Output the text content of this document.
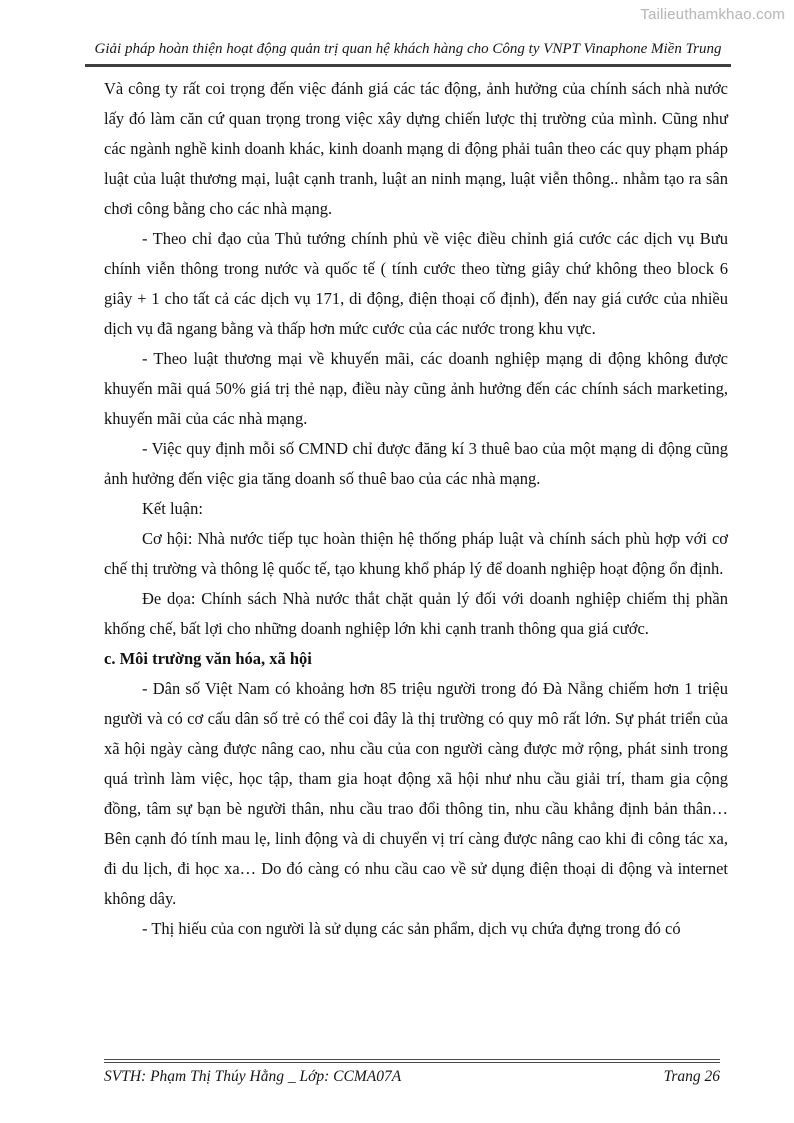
Tailieuthamkhao.com
Giải pháp hoàn thiện hoạt động quản trị quan hệ khách hàng cho Công ty VNPT Vinaphone Miền Trung

Và công ty rất coi trọng đến việc đánh giá các tác động, ảnh hưởng của chính sách nhà nước lấy đó làm căn cứ quan trọng trong việc xây dựng chiến lược thị trường của mình. Cũng như các ngành nghề kinh doanh khác, kinh doanh mạng di động phải tuân theo các quy phạm pháp luật của luật thương mại, luật cạnh tranh, luật an ninh mạng, luật viễn thông.. nhằm tạo ra sân chơi công bằng cho các nhà mạng.

- Theo chỉ đạo của Thủ tướng chính phủ về việc điều chỉnh giá cước các dịch vụ Bưu chính viễn thông trong nước và quốc tế ( tính cước theo từng giây chứ không theo block 6 giây + 1 cho tất cả các dịch vụ 171, di động, điện thoại cố định), đến nay giá cước của nhiều dịch vụ đã ngang bằng và thấp hơn mức cước của các nước trong khu vực.

- Theo luật thương mại về khuyến mãi, các doanh nghiệp mạng di động không được khuyến mãi quá 50% giá trị thẻ nạp, điều này cũng ảnh hưởng đến các chính sách marketing, khuyến mãi của các nhà mạng.

- Việc quy định mỗi số CMND chỉ được đăng kí 3 thuê bao của một mạng di động cũng ảnh hưởng đến việc gia tăng doanh số thuê bao của các nhà mạng.

Kết luận:

Cơ hội: Nhà nước tiếp tục hoàn thiện hệ thống pháp luật và chính sách phù hợp với cơ chế thị trường và thông lệ quốc tế, tạo khung khổ pháp lý để doanh nghiệp hoạt động ổn định.

Đe dọa: Chính sách Nhà nước thắt chặt quản lý đối với doanh nghiệp chiếm thị phần khống chế, bất lợi cho những doanh nghiệp lớn khi cạnh tranh thông qua giá cước.

c. Môi trường văn hóa, xã hội

- Dân số Việt Nam có khoảng hơn 85 triệu người trong đó Đà Nẵng chiếm hơn 1 triệu người và có cơ cấu dân số trẻ có thể coi đây là thị trường có quy mô rất lớn. Sự phát triển của xã hội ngày càng được nâng cao, nhu cầu của con người càng được mở rộng, phát sinh trong quá trình làm việc, học tập, tham gia hoạt động xã hội như nhu cầu giải trí, tham gia cộng đồng, tâm sự bạn bè người thân, nhu cầu trao đổi thông tin, nhu cầu khẳng định bản thân… Bên cạnh đó tính mau lẹ, linh động và di chuyển vị trí càng được nâng cao khi đi công tác xa, đi du lịch, đi học xa… Do đó càng có nhu cầu cao về sử dụng điện thoại di động và internet không dây.

- Thị hiếu của con người là sử dụng các sản phẩm, dịch vụ chứa đựng trong đó có

SVTH: Phạm Thị Thúy Hằng _ Lớp: CCMA07A	Trang 26
